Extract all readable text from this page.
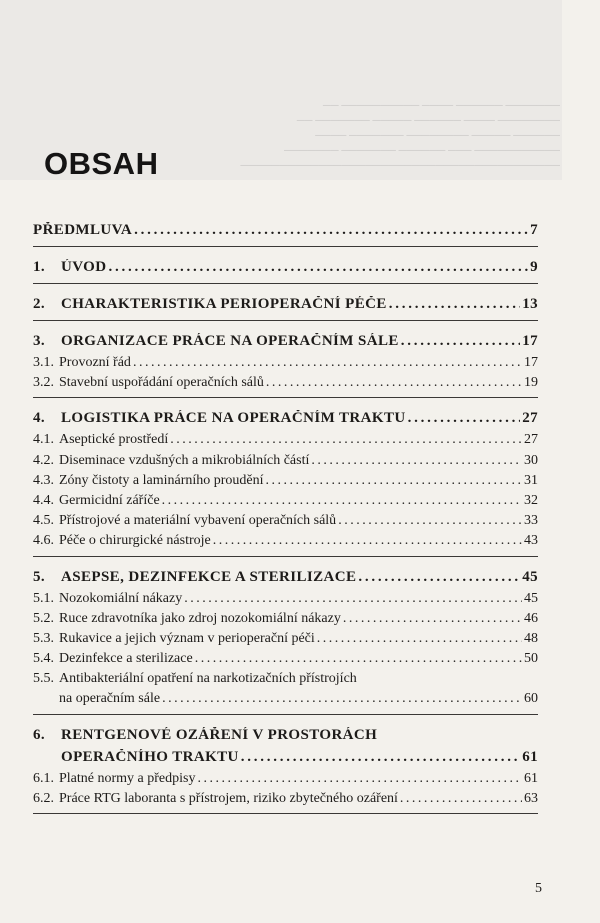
─────────────────────────────────────────
─────────── ─── ────── ─────── ───────
────── ───── ──────── ─────── ────
──────── ──── ────── ───── ─────── ──
─────── ────── ──── ────────── ──
OBSAH
PŘEDMLUVA . . .	7
1.	ÚVOD . . .	9
2.	CHARAKTERISTIKA PERIOPERAČNÍ PÉČE . . .	13
3.	ORGANIZACE PRÁCE NA OPERAČNÍM SÁLE . . .	17
3.1. Provozní řád . . .	17
3.2. Stavební uspořádání operačních sálů . . .	19
4.	LOGISTIKA PRÁCE NA OPERAČNÍM TRAKTU . . .	27
4.1. Aseptické prostředí . . .	27
4.2. Diseminace vzdušných a mikrobiálních částí . . .	30
4.3. Zóny čistoty a laminárního proudění . . .	31
4.4. Germicidní záříče . . .	32
4.5. Přístrojové a materiální vybavení operačních sálů . . .	33
4.6. Péče o chirurgické nástroje . . .	43
5.	ASEPSE, DEZINFEKCE A STERILIZACE . . .	45
5.1. Nozokomiální nákazy . . .	45
5.2. Ruce zdravotníka jako zdroj nozokomiální nákazy . . .	46
5.3. Rukavice a jejich význam v perioperační péči . . .	48
5.4. Dezinfekce a sterilizace . . .	50
5.5. Antibakteriální opatření na narkotizačních přístrojích
na operačním sále . . .	60
6.	RENTGENOVÉ OZÁŘENÍ V PROSTORÁCH
OPERAČNÍHO TRAKTU . . .	61
6.1. Platné normy a předpisy . . .	61
6.2. Práce RTG laboranta s přístrojem, riziko zbytečného ozáření . . .	63
5
